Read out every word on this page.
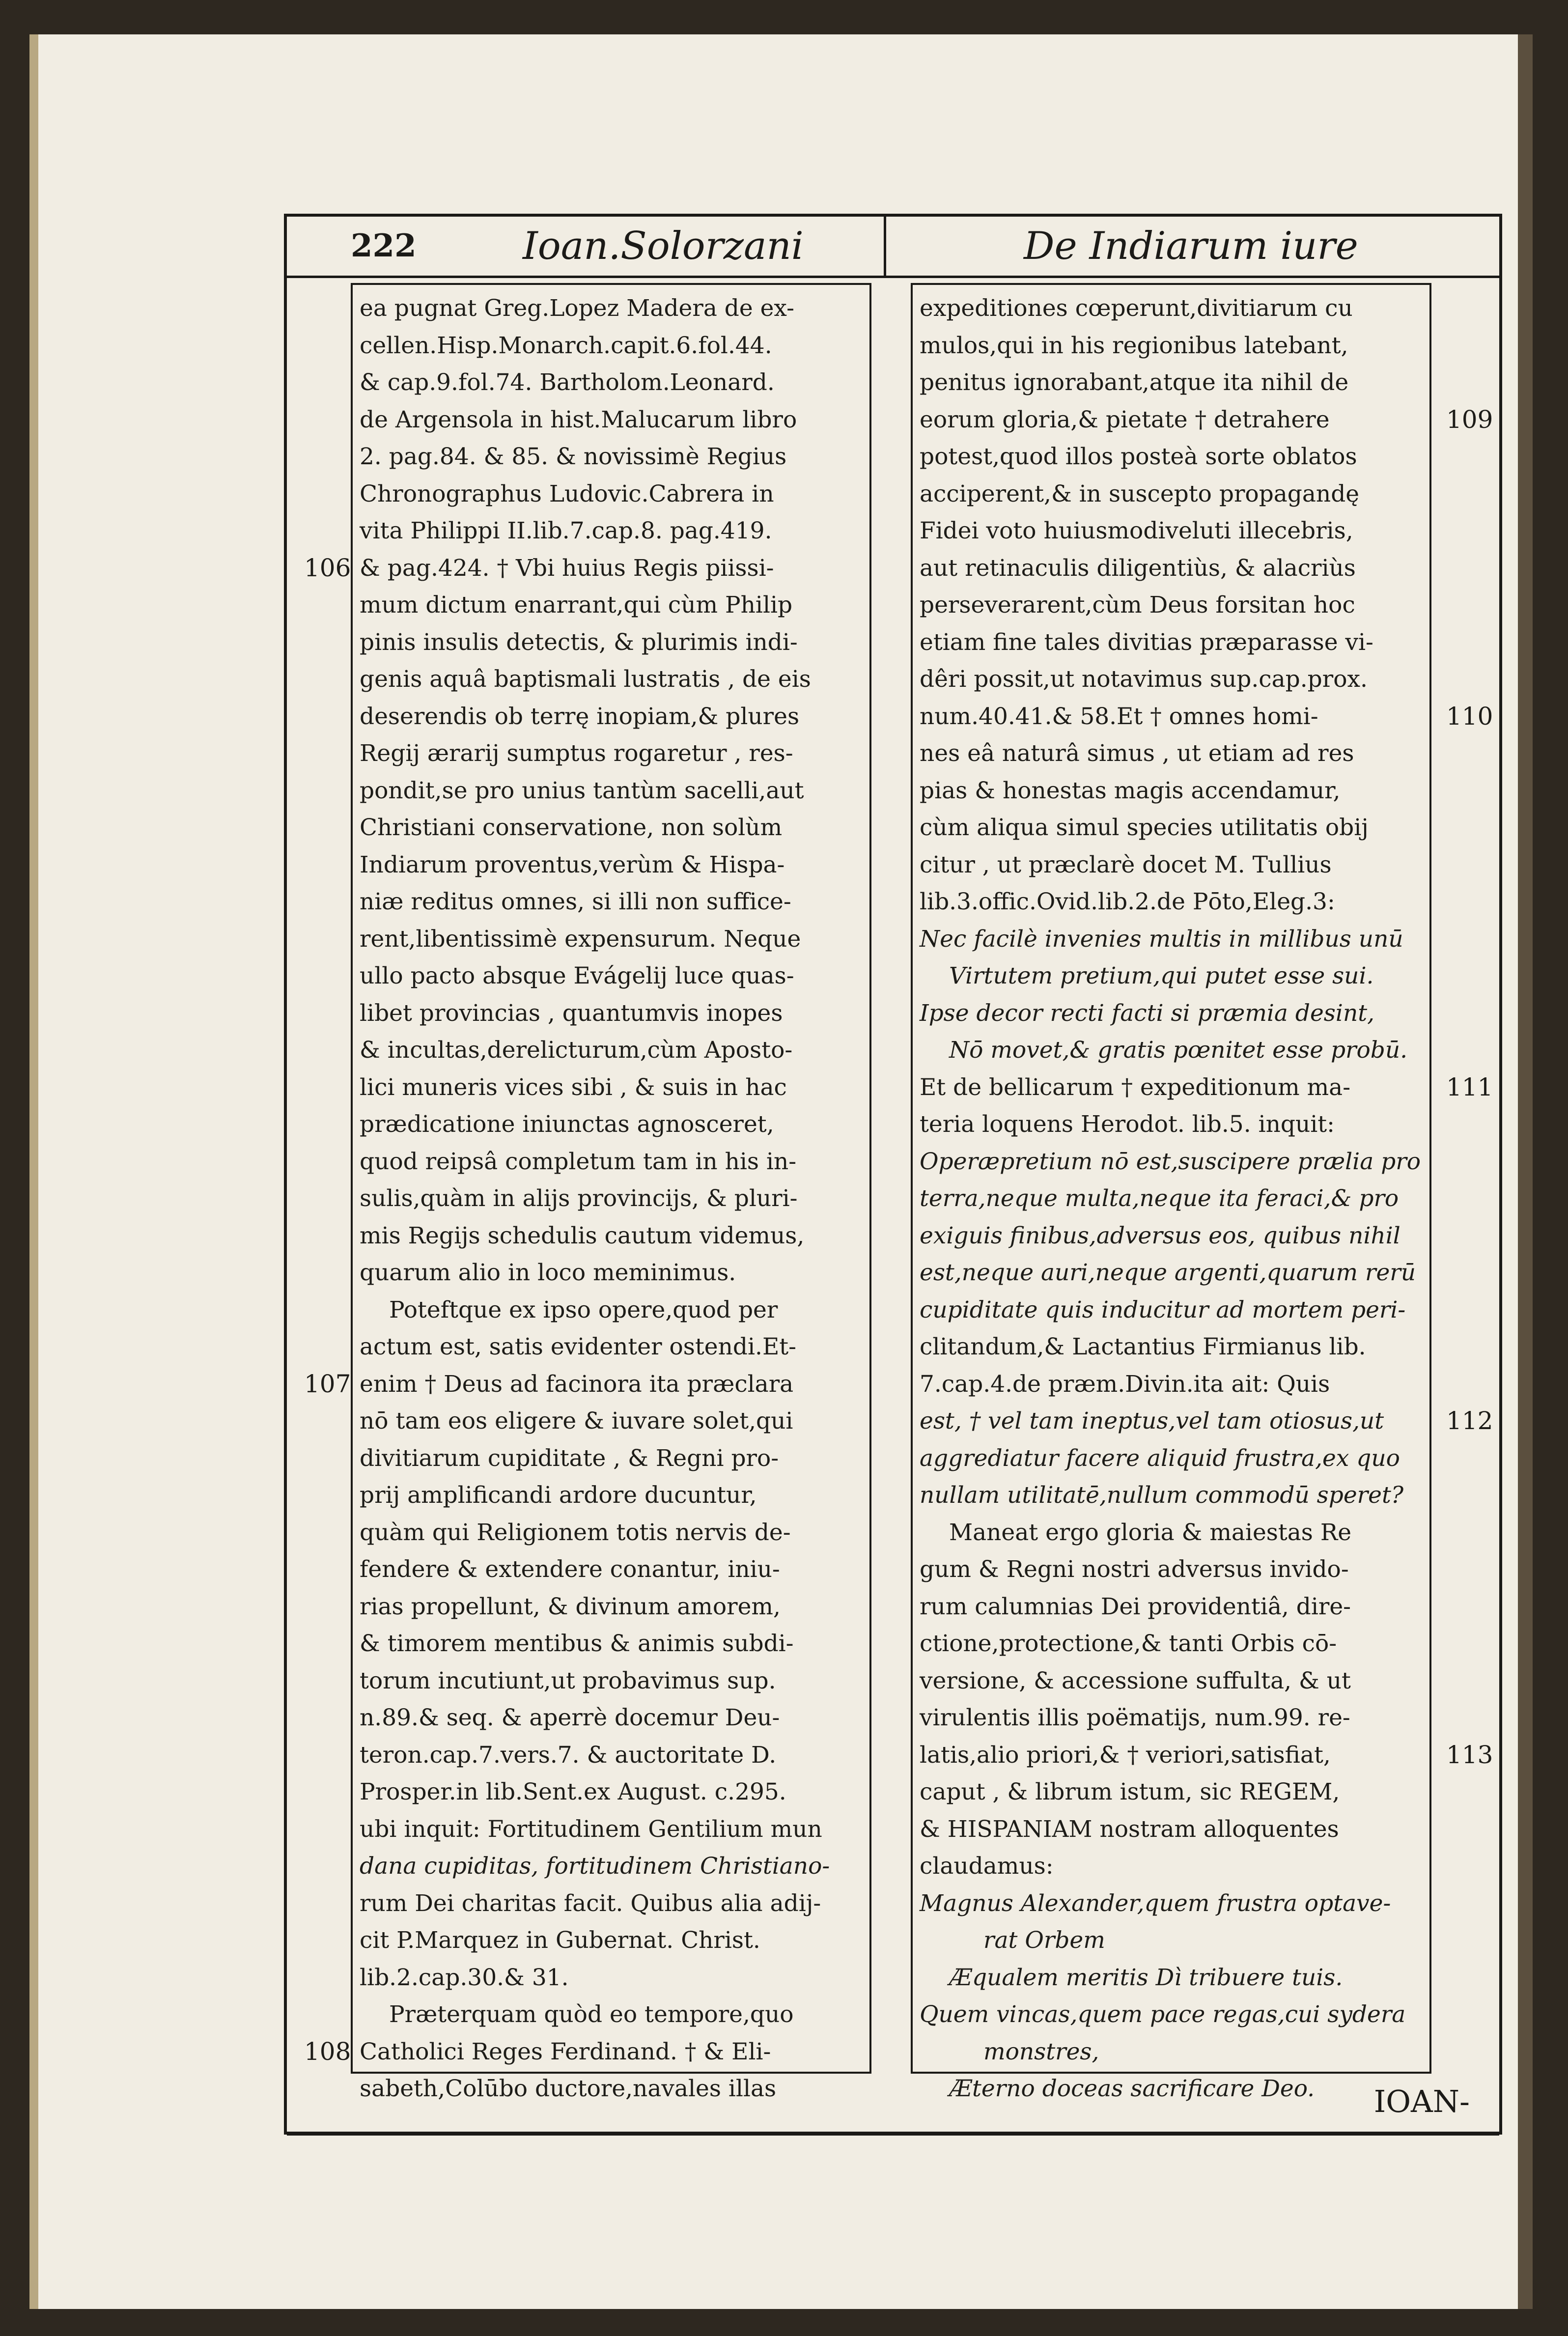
222	Ioan.Solorzani	De Indiarum iure
ea pugnat Greg.Lopez Madera de ex-
cellen.Hisp.Monarch.capit.6.fol.44.
& cap.9.fol.74. Bartholom.Leonard.
de Argensola in hist.Malucarum libro
2. pag.84. & 85. & novissimè Regius
Chronographus Ludovic.Cabrera in
vita Philippi II.lib.7.cap.8. pag.419.
& pag.424. † Vbi huius Regis piissi-
mum dictum enarrant,qui cùm Philip
pinis insulis detectis, & plurimis indi-
genis aquâ baptismali lustratis , de eis
deserendis ob terrę inopiam,& plures
Regij ærarij sumptus rogaretur , res-
pondit,se pro unius tantùm sacelli,aut
Christiani conservatione, non solùm
Indiarum proventus,verùm & Hispa-
niæ reditus omnes, si illi non suffice-
rent,libentissimè expensurum. Neque
ullo pacto absque Evágelij luce quas-
libet provincias , quantumvis inopes
& incultas,derelicturum,cùm Aposto-
lici muneris vices sibi , & suis in hac
prædicatione iniunctas agnosceret,
quod reipsâ completum tam in his in-
sulis,quàm in alijs provincijs, & pluri-
mis Regijs schedulis cautum videmus,
quarum alio in loco meminimus.
Poteftque ex ipso opere,quod per
actum est, satis evidenter ostendi.Et-
enim † Deus ad facinora ita præclara
nō tam eos eligere & iuvare solet,qui
divitiarum cupiditate , & Regni pro-
prij amplificandi ardore ducuntur,
quàm qui Religionem totis nervis de-
fendere & extendere conantur, iniu-
rias propellunt, & divinum amorem,
& timorem mentibus & animis subdi-
torum incutiunt,ut probavimus sup.
n.89.& seq. & aperrè docemur Deu-
teron.cap.7.vers.7. & auctoritate D.
Prosper.in lib.Sent.ex August. c.295.
ubi inquit: Fortitudinem Gentilium mun
dana cupiditas, fortitudinem Christiano-
rum Dei charitas facit. Quibus alia adij-
cit P.Marquez in Gubernat. Christ.
lib.2.cap.30.& 31.
Præterquam quòd eo tempore,quo
Catholici Reges Ferdinand. † & Eli-
sabeth,Colūbo ductore,navales illas
expeditiones cœperunt,divitiarum cu
mulos,qui in his regionibus latebant,
penitus ignorabant,atque ita nihil de
eorum gloria,& pietate † detrahere
potest,quod illos posteà sorte oblatos
acciperent,& in suscepto propagandę
Fidei voto huiusmodiveluti illecebris,
aut retinaculis diligentiùs, & alacriùs
perseverarent,cùm Deus forsitan hoc
etiam fine tales divitias præparasse vi-
dêri possit,ut notavimus sup.cap.prox.
num.40.41.& 58.Et † omnes homi-
nes eâ naturâ simus , ut etiam ad res
pias & honestas magis accendamur,
cùm aliqua simul species utilitatis obij
citur , ut præclarè docet M. Tullius
lib.3.offic.Ovid.lib.2.de Pōto,Eleg.3:
Nec facilè invenies multis in millibus unū
Virtutem pretium,qui putet esse sui.
Ipse decor recti facti si præmia desint,
Nō movet,& gratis pœnitet esse probū.
Et de bellicarum † expeditionum ma-
teria loquens Herodot. lib.5. inquit:
Operæpretium nō est,suscipere prælia pro
terra,neque multa,neque ita feraci,& pro
exiguis finibus,adversus eos, quibus nihil
est,neque auri,neque argenti,quarum rerū
cupiditate quis inducitur ad mortem peri-
clitandum,& Lactantius Firmianus lib.
7.cap.4.de præm.Divin.ita ait: Quis
est, † vel tam ineptus,vel tam otiosus,ut
aggrediatur facere aliquid frustra,ex quo
nullam utilitatē,nullum commodū speret?
Maneat ergo gloria & maiestas Re
gum & Regni nostri adversus invido-
rum calumnias Dei providentiâ, dire-
ctione,protectione,& tanti Orbis cō-
versione, & accessione suffulta, & ut
virulentis illis poëmatijs, num.99. re-
latis,alio priori,& † veriori,satisfiat,
caput , & librum istum, sic REGEM,
& HISPANIAM nostram alloquentes
claudamus:
Magnus Alexander,quem frustra optave-
rat Orbem
Æqualem meritis Dì tribuere tuis.
Quem vincas,quem pace regas,cui sydera
monstres,
Æterno doceas sacrificare Deo.
106
107
108
109
110
111
112
113
IOAN-
